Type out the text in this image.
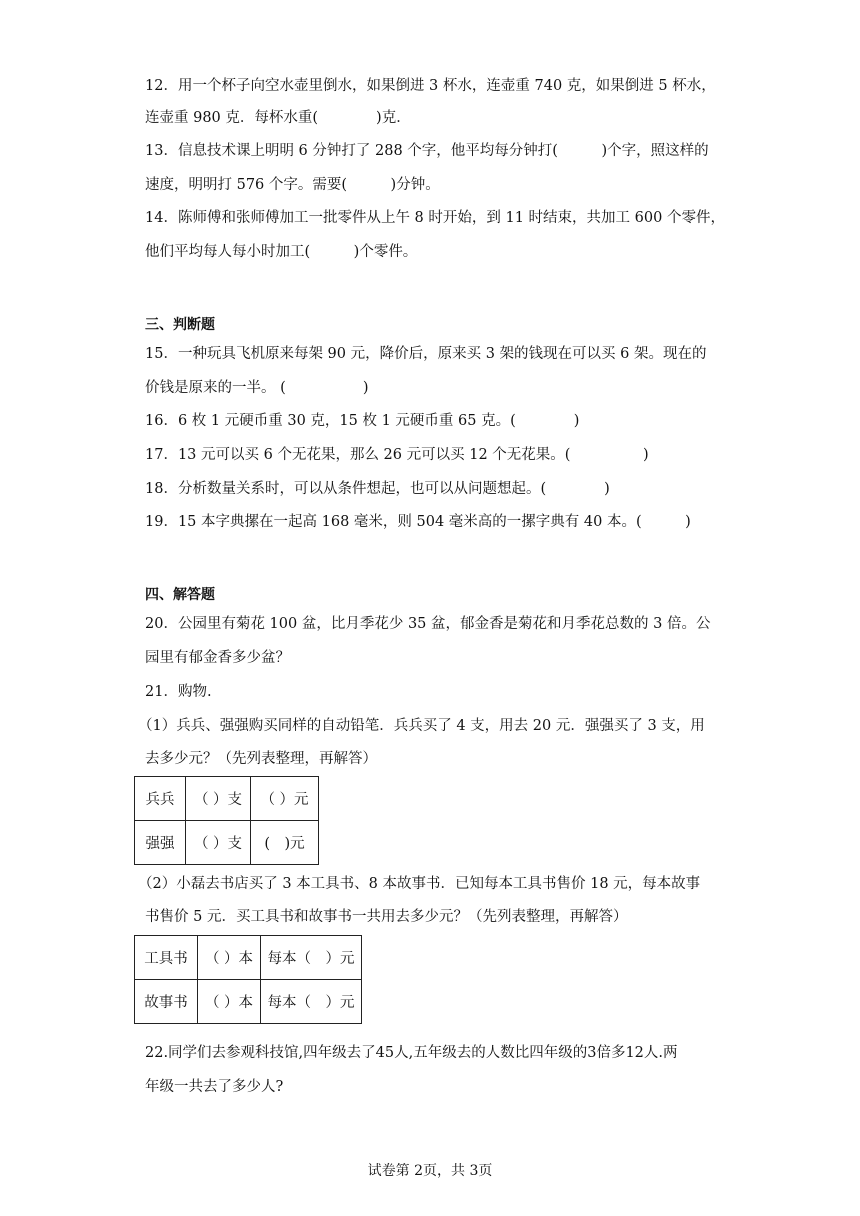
12．用一个杯子向空水壶里倒水，如果倒进 3 杯水，连壶重 740 克，如果倒进 5 杯水，
连壶重 980 克．每杯水重(　　　　)克．
13．信息技术课上明明 6 分钟打了 288 个字，他平均每分钟打(　　　)个字，照这样的
速度，明明打 576 个字。需要(　　　)分钟。
14．陈师傅和张师傅加工一批零件从上午 8 时开始，到 11 时结束，共加工 600 个零件，
他们平均每人每小时加工(　　　)个零件。
三、判断题
15．一种玩具飞机原来每架 90 元，降价后，原来买 3 架的钱现在可以买 6 架。现在的
价钱是原来的一半。 (　　　　　 )
16．6 枚 1 元硬币重 30 克，15 枚 1 元硬币重 65 克。(　　　　)
17．13 元可以买 6 个无花果，那么 26 元可以买 12 个无花果。(　　　　　)
18．分析数量关系时，可以从条件想起，也可以从问题想起。(　　　　)
19．15 本字典摞在一起高 168 毫米，则 504 毫米高的一摞字典有 40 本。(　　　)
四、解答题
20．公园里有菊花 100 盆，比月季花少 35 盆，郁金香是菊花和月季花总数的 3 倍。公
园里有郁金香多少盆？
21．购物.
（1）兵兵、强强购买同样的自动铅笔．兵兵买了 4 支，用去 20 元．强强买了 3 支，用
去多少元？（先列表整理，再解答）
兵兵	（ ）支	（ ）元
强强	（ ）支	(　)元
（2）小磊去书店买了 3 本工具书、8 本故事书．已知每本工具书售价 18 元，每本故事
书售价 5 元．买工具书和故事书一共用去多少元？（先列表整理，再解答）
工具书	（ ）本	每本（　）元
故事书	（ ）本	每本（　）元
22.同学们去参观科技馆,四年级去了45人,五年级去的人数比四年级的3倍多12人.两
年级一共去了多少人?
试卷第 2页，共 3页
